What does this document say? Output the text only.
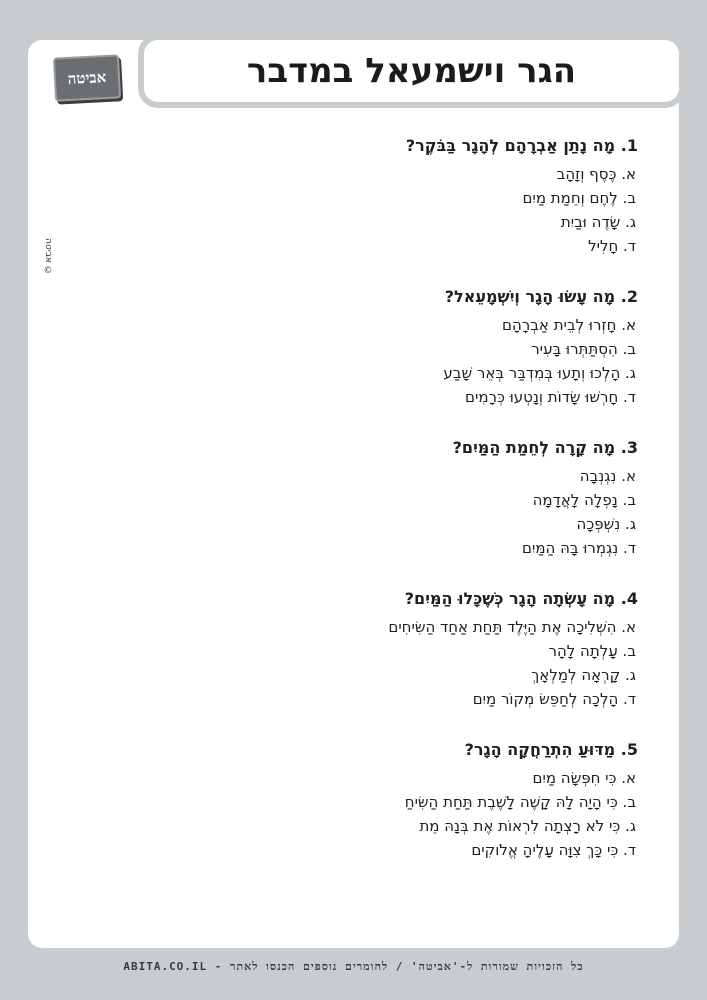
הגר וישמעאל במדבר
אביטה
אביטה ©
1. מָה נָתַן אַבְרָהָם לְהָגָר בַּבֹּקֶר?
א. כֶּסֶף וְזָהָב
ב. לֶחֶם וְחֵמַת מַיִם
ג. שָׂדֶה וּבַיִת
ד. חָלִיל
2. מָה עָשׂוּ הָגָר וְיִשְׁמָעֵאל?
א. חָזְרוּ לְבֵית אַבְרָהָם
ב. הִסְתַּתְּרוּ בָּעִיר
ג. הָלְכוּ וְתָעוּ בְּמִדְבַּר בְּאֵר שָׁבַע
ד. חָרְשׁוּ שָׂדוֹת וְנָטְעוּ כְּרָמִים
3. מָה קָרָה לְחֵמַת הַמַּיִם?
א. נִגְנְבָה
ב. נָפְלָה לָאֲדָמָה
ג. נִשְׁפְּכָה
ד. נִגְמְרוּ בָּהּ הַמַּיִם
4. מָה עָשְׂתָה הָגָר כְּשֶׁכָּלוּ הַמַּיִם?
א. הִשְׁלִיכָה אֶת הַיֶּלֶד תַּחַת אַחַד הַשִּׂיחִים
ב. עָלְתָה לָהָר
ג. קָרְאָה לְמַלְאָךְ
ד. הָלְכָה לְחַפֵּשׂ מְקוֹר מַיִם
5. מַדּוּעַ הִתְרַחֲקָה הָגָר?
א. כִּי חִפְּשָׂה מַיִם
ב. כִּי הָיָה לָהּ קָשֶׁה לָשֶׁבֶת תַּחַת הַשִּׂיחַ
ג. כִּי לֹא רָצְתָה לִרְאוֹת אֶת בְּנָהּ מֵת
ד. כִּי כָּךְ צִוָּה עָלֶיהָ אֱלֹוקִים
כל הזכויות שמורות ל-'אביטה' / לחומרים נוספים הכנסו לאתר - ABITA.CO.IL
